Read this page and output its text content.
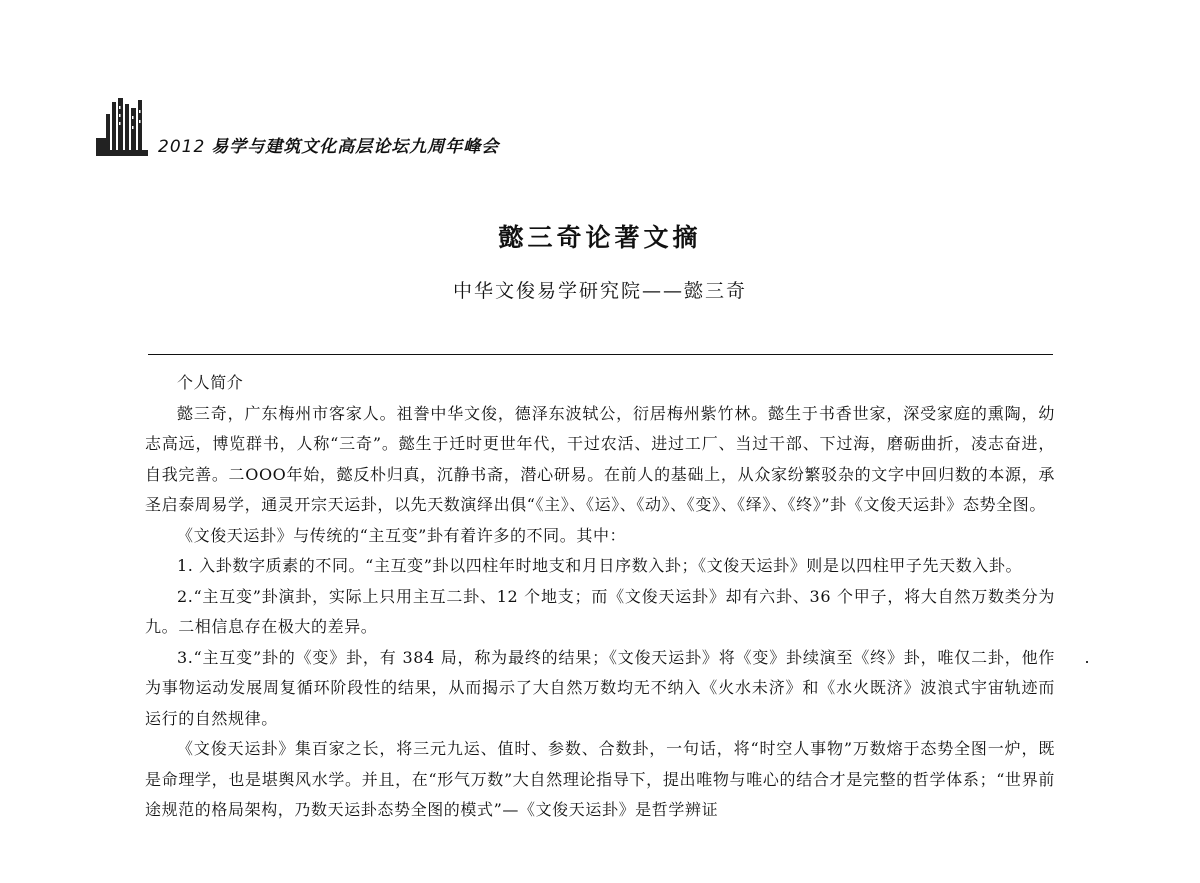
2012 易学与建筑文化高层论坛九周年峰会
懿三奇论著文摘
中华文俊易学研究院——懿三奇

个人简介

懿三奇，广东梅州市客家人。祖誊中华文俊，德泽东波轼公，衍居梅州紫竹林。懿生于书香世家，深受家庭的熏陶，幼志高远，博览群书，人称“三奇”。懿生于迁时更世年代，干过农活、进过工厂、当过干部、下过海，磨砺曲折，凌志奋进，自我完善。二OOO年始，懿反朴归真，沉静书斋，潜心研易。在前人的基础上，从众家纷繁驳杂的文字中回归数的本源，承圣启泰周易学，通灵开宗天运卦，以先天数演绎出俱“《主》、《运》、《动》、《变》、《绎》、《终》”卦《文俊天运卦》态势全图。

《文俊天运卦》与传统的“主互变”卦有着许多的不同。其中：

1. 入卦数字质素的不同。“主互变”卦以四柱年时地支和月日序数入卦；《文俊天运卦》则是以四柱甲子先天数入卦。

2.“主互变”卦演卦，实际上只用主互二卦、12 个地支；而《文俊天运卦》却有六卦、36 个甲子，将大自然万数类分为九。二相信息存在极大的差异。

3.“主互变”卦的《变》卦，有 384 局，称为最终的结果；《文俊天运卦》将《变》卦续演至《终》卦，唯仅二卦，他作为事物运动发展周复循环阶段性的结果，从而揭示了大自然万数均无不纳入《火水未济》和《水火既济》波浪式宇宙轨迹而运行的自然规律。

《文俊天运卦》集百家之长，将三元九运、值时、参数、合数卦，一句话，将“时空人事物”万数熔于态势全图一炉，既是命理学，也是堪舆风水学。并且，在“形气万数”大自然理论指导下，提出唯物与唯心的结合才是完整的哲学体系；“世界前途规范的格局架构，乃数天运卦态势全图的模式”—《文俊天运卦》是哲学辨证
